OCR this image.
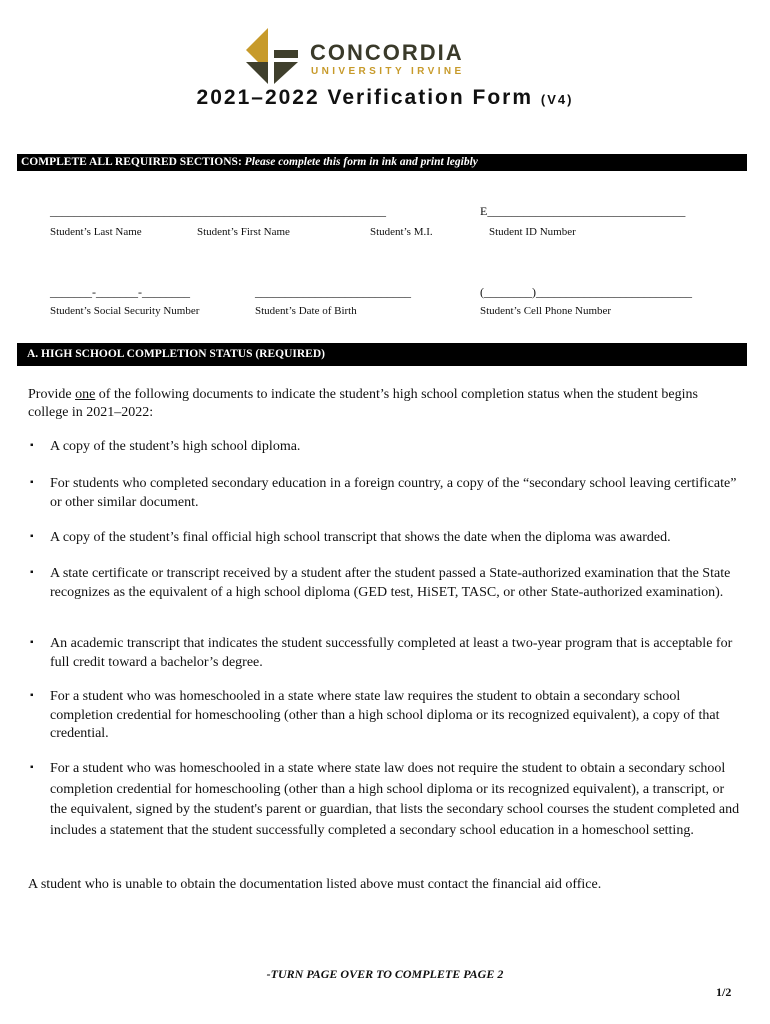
CONCORDIA
UNIVERSITY IRVINE
2021–2022 Verification Form (V4)
COMPLETE ALL REQUIRED SECTIONS: Please complete this form in ink and print legibly
________________________________________________________	E_________________________________
Student’s Last Name	Student’s First Name	Student’s M.I.	Student ID Number
_______-_______-________	__________________________	(________)__________________________
Student’s Social Security Number	Student’s Date of Birth	Student’s Cell Phone Number
A. HIGH SCHOOL COMPLETION STATUS (REQUIRED)
Provide one of the following documents to indicate the student’s high school completion status when the student begins college in 2021–2022:
▪ A copy of the student’s high school diploma.
▪ For students who completed secondary education in a foreign country, a copy of the “secondary school leaving certificate” or other similar document.
▪ A copy of the student’s final official high school transcript that shows the date when the diploma was awarded.
▪ A state certificate or transcript received by a student after the student passed a State-authorized examination that the State recognizes as the equivalent of a high school diploma (GED test, HiSET, TASC, or other State-authorized examination).
▪ An academic transcript that indicates the student successfully completed at least a two-year program that is acceptable for full credit toward a bachelor’s degree.
▪ For a student who was homeschooled in a state where state law requires the student to obtain a secondary school completion credential for homeschooling (other than a high school diploma or its recognized equivalent), a copy of that credential.
▪ For a student who was homeschooled in a state where state law does not require the student to obtain a secondary school completion credential for homeschooling (other than a high school diploma or its recognized equivalent), a transcript, or the equivalent, signed by the student's parent or guardian, that lists the secondary school courses the student completed and includes a statement that the student successfully completed a secondary school education in a homeschool setting.
A student who is unable to obtain the documentation listed above must contact the financial aid office.
-TURN PAGE OVER TO COMPLETE PAGE 2
1/2
